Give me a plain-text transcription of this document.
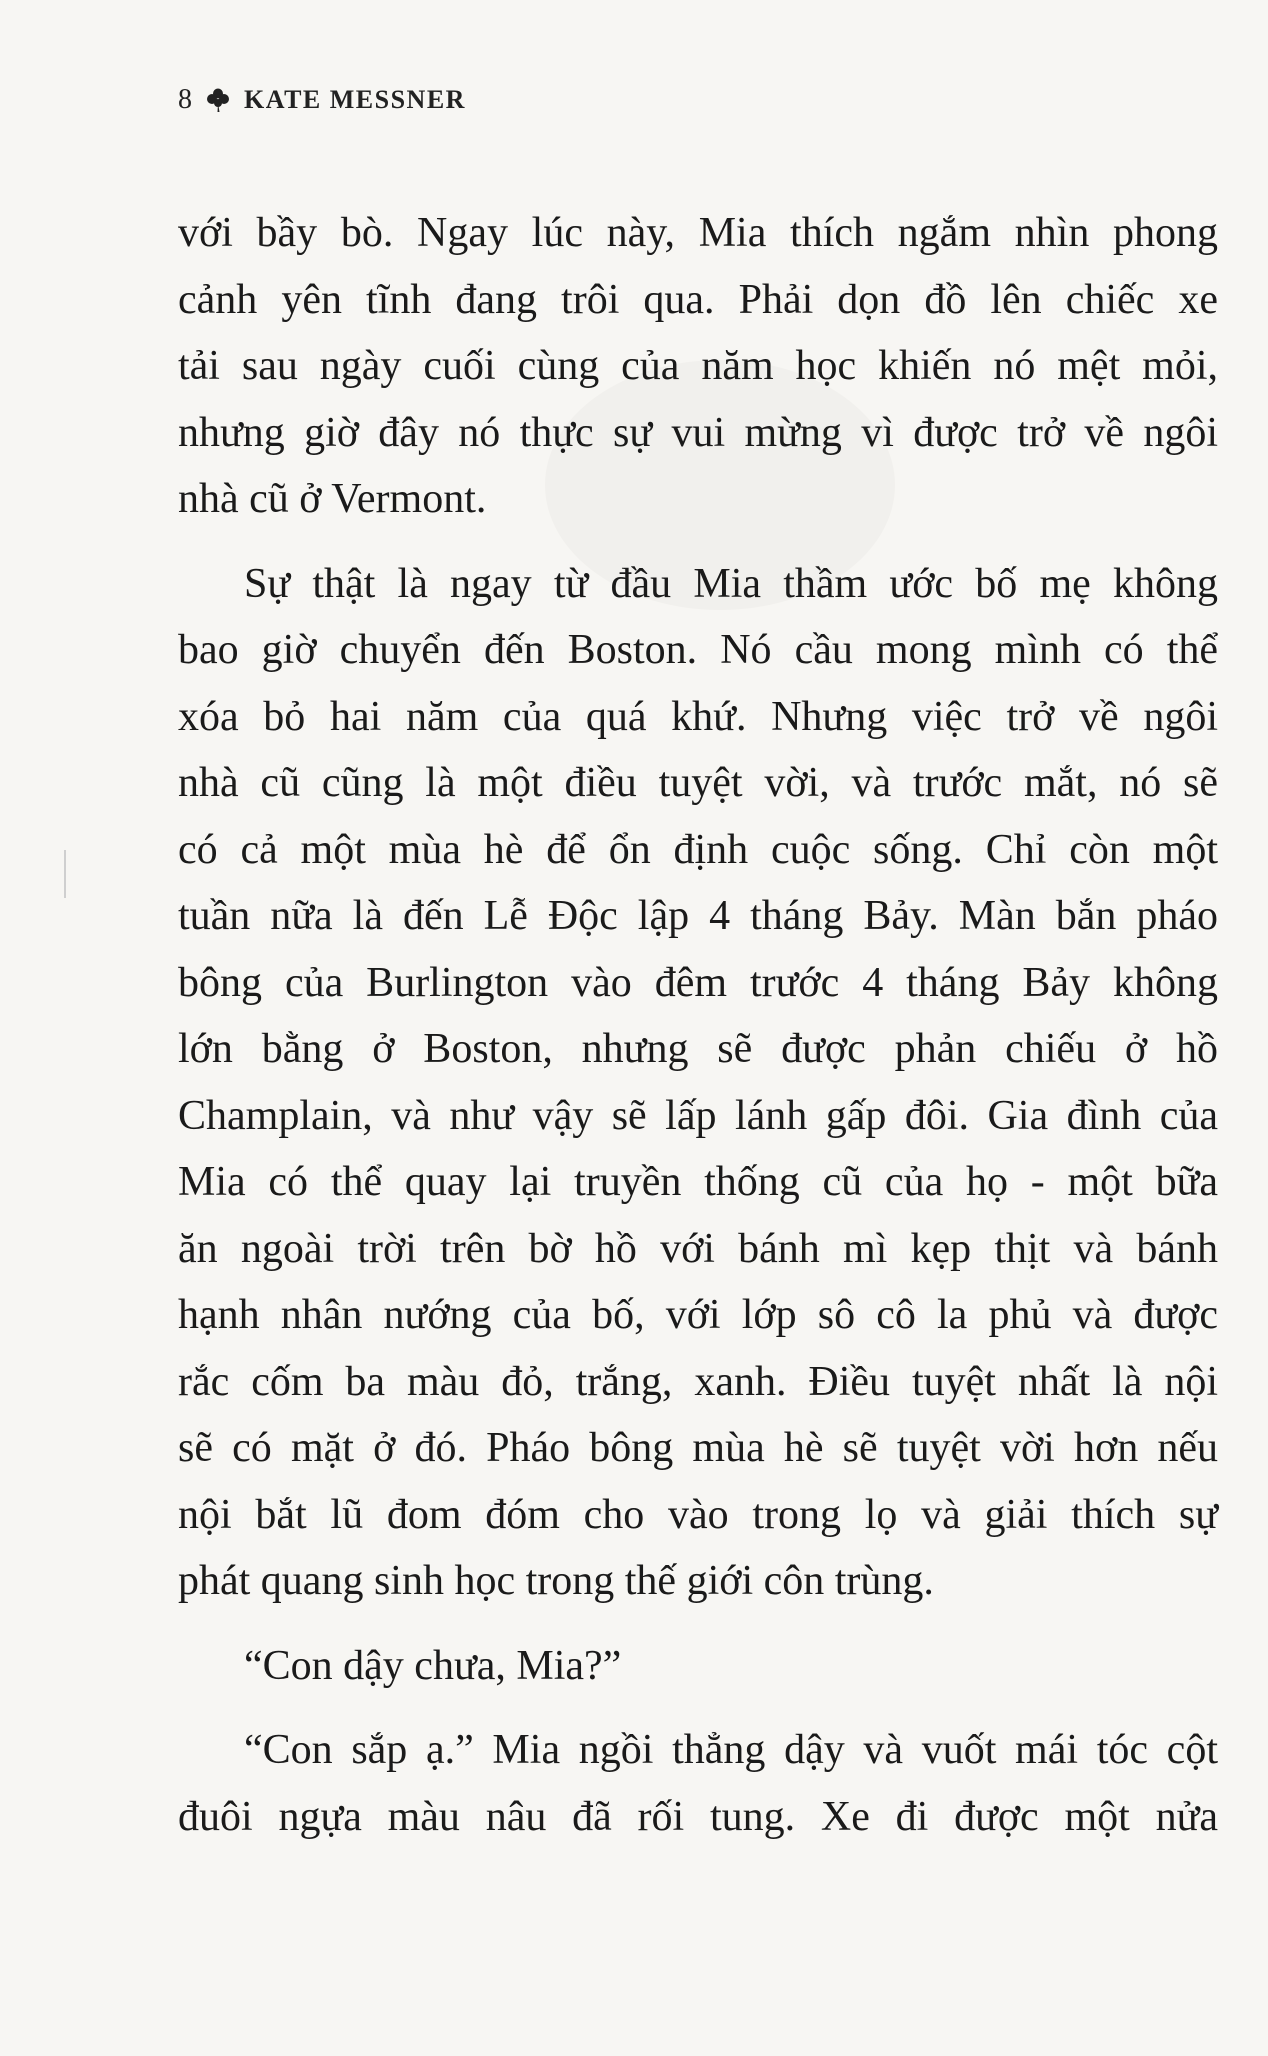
8 KATE MESSNER
với bầy bò. Ngay lúc này, Mia thích ngắm nhìn phong
cảnh yên tĩnh đang trôi qua. Phải dọn đồ lên chiếc xe
tải sau ngày cuối cùng của năm học khiến nó mệt mỏi,
nhưng giờ đây nó thực sự vui mừng vì được trở về ngôi
nhà cũ ở Vermont.
Sự thật là ngay từ đầu Mia thầm ước bố mẹ không
bao giờ chuyển đến Boston. Nó cầu mong mình có thể
xóa bỏ hai năm của quá khứ. Nhưng việc trở về ngôi
nhà cũ cũng là một điều tuyệt vời, và trước mắt, nó sẽ
có cả một mùa hè để ổn định cuộc sống. Chỉ còn một
tuần nữa là đến Lễ Độc lập 4 tháng Bảy. Màn bắn pháo
bông của Burlington vào đêm trước 4 tháng Bảy không
lớn bằng ở Boston, nhưng sẽ được phản chiếu ở hồ
Champlain, và như vậy sẽ lấp lánh gấp đôi. Gia đình của
Mia có thể quay lại truyền thống cũ của họ - một bữa
ăn ngoài trời trên bờ hồ với bánh mì kẹp thịt và bánh
hạnh nhân nướng của bố, với lớp sô cô la phủ và được
rắc cốm ba màu đỏ, trắng, xanh. Điều tuyệt nhất là nội
sẽ có mặt ở đó. Pháo bông mùa hè sẽ tuyệt vời hơn nếu
nội bắt lũ đom đóm cho vào trong lọ và giải thích sự
phát quang sinh học trong thế giới côn trùng.
“Con dậy chưa, Mia?”
“Con sắp ạ.” Mia ngồi thẳng dậy và vuốt mái tóc cột
đuôi ngựa màu nâu đã rối tung. Xe đi được một nửa
